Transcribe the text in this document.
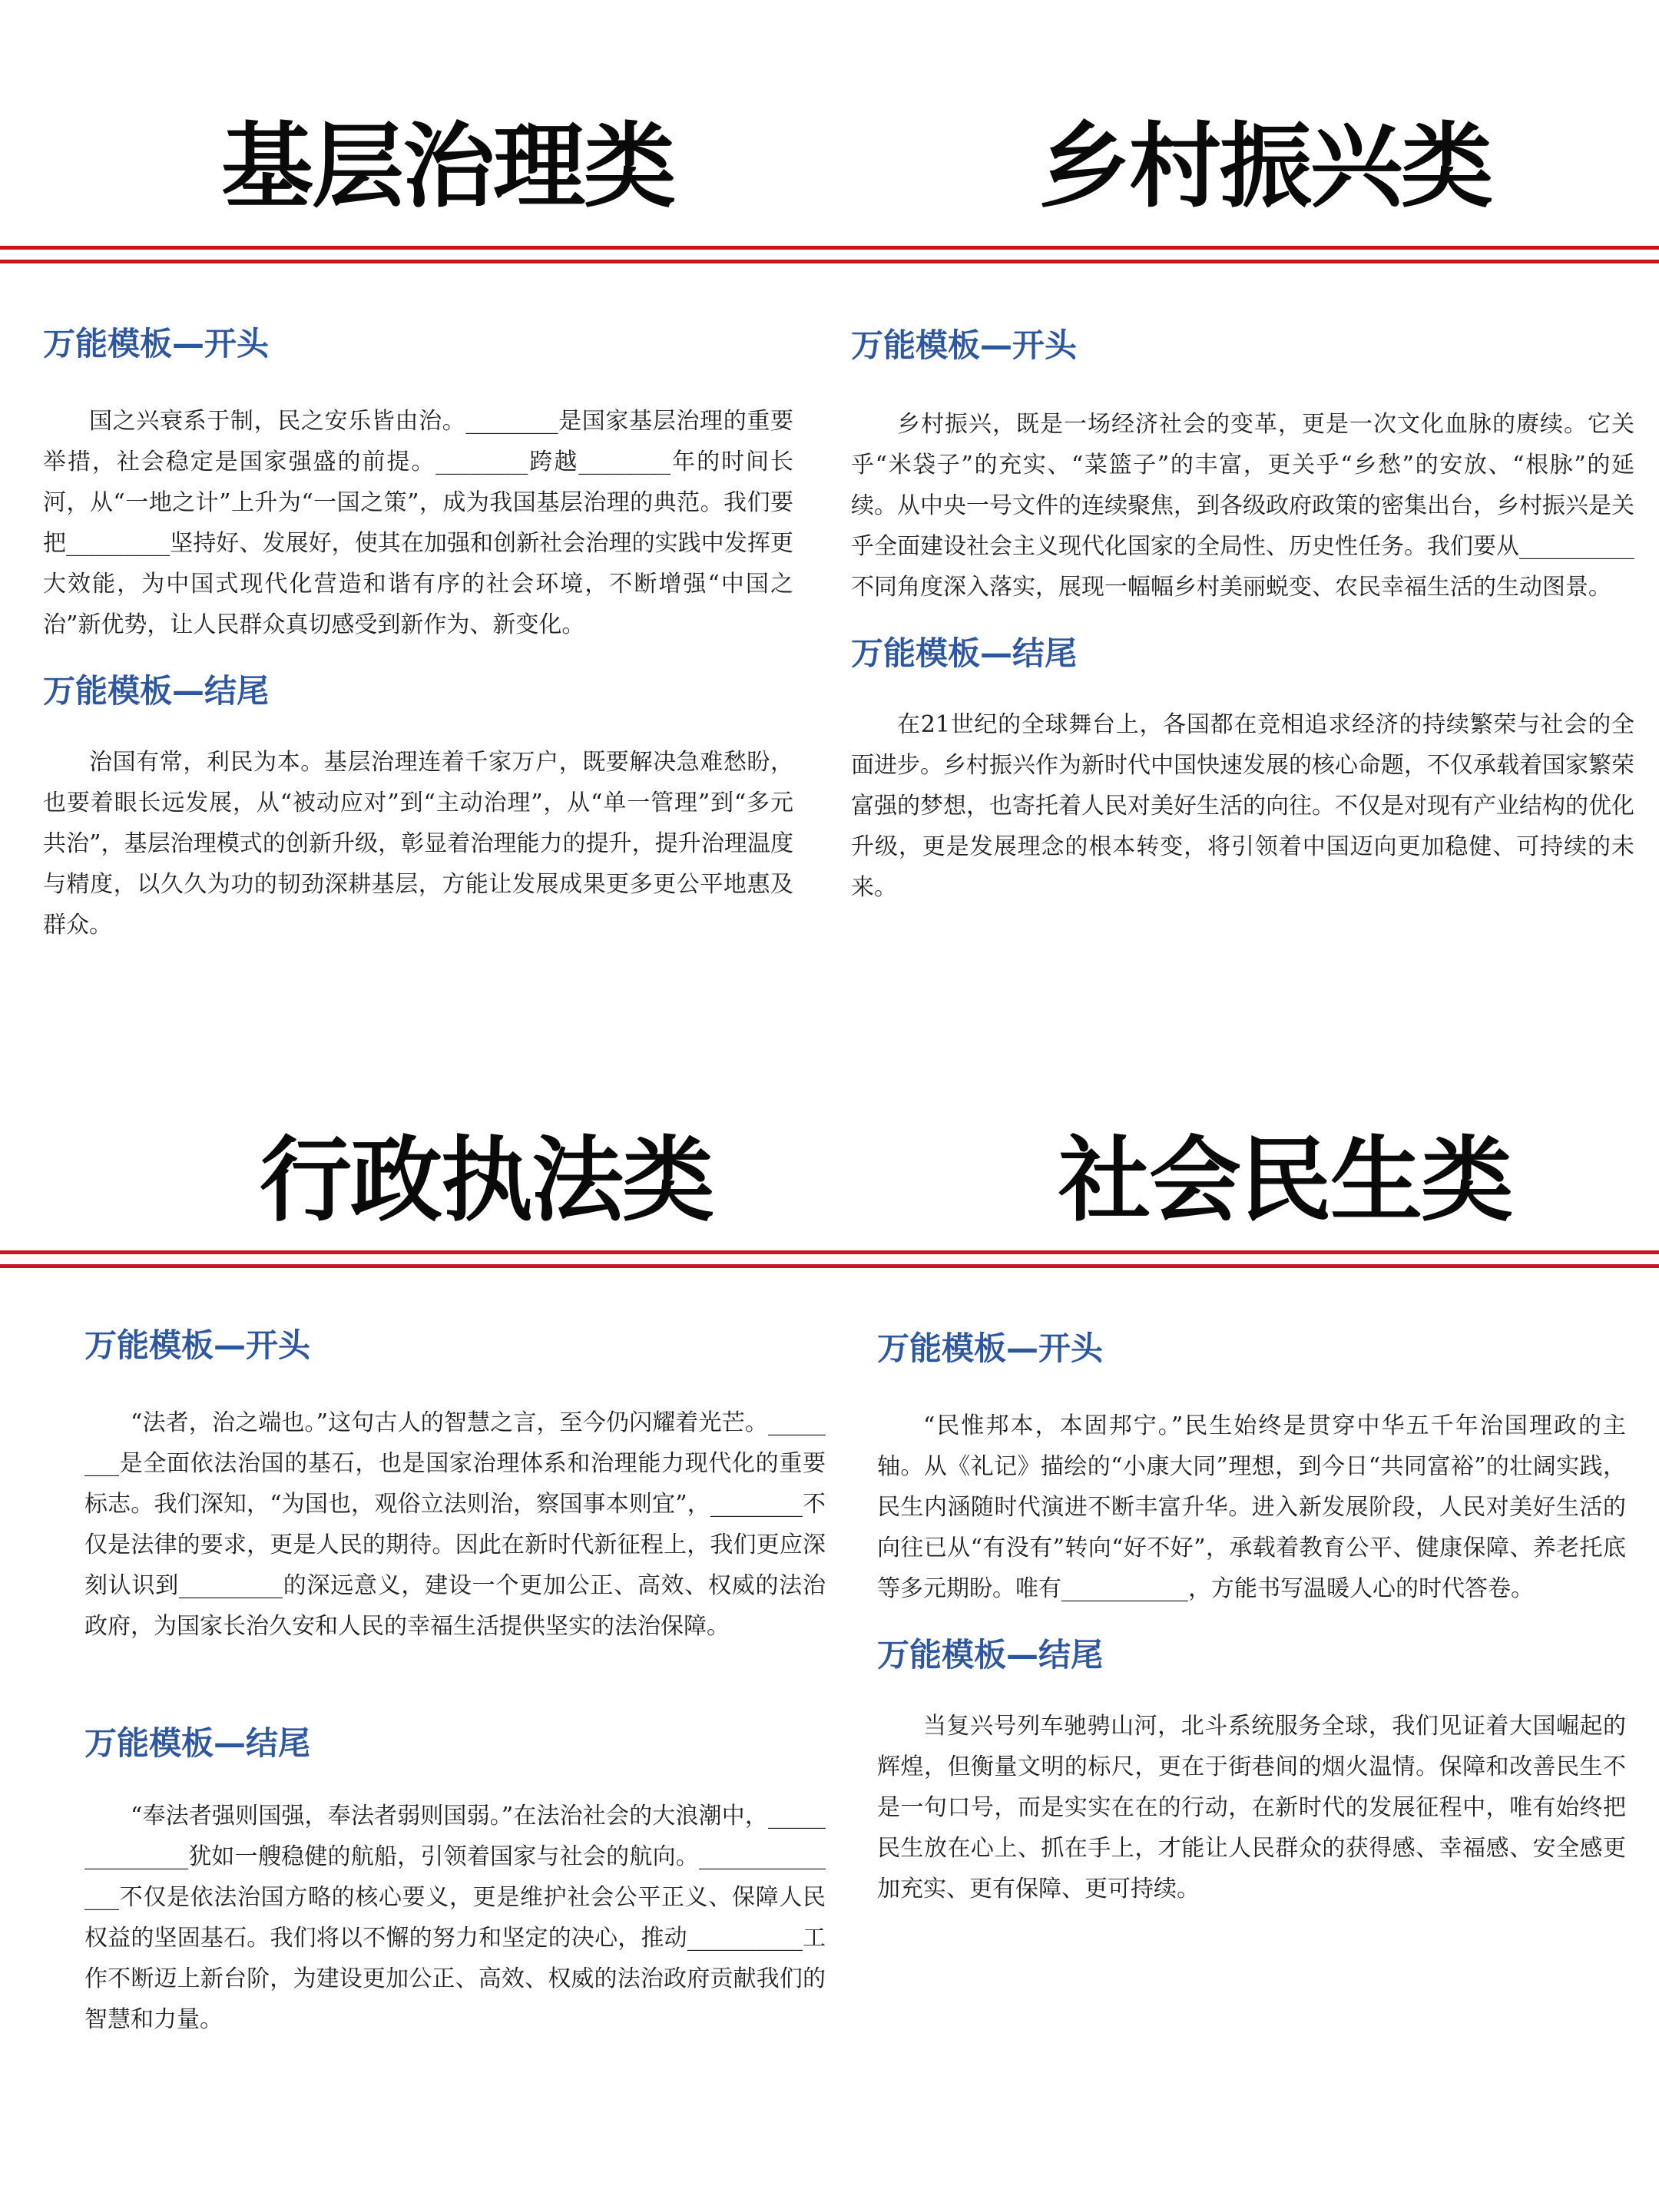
基层治理类	乡村振兴类
万能模板—开头

国之兴衰系于制，民之安乐皆由治。________是国家基层治理的重要举措，社会稳定是国家强盛的前提。________跨越________年的时间长河，从“一地之计”上升为“一国之策”，成为我国基层治理的典范。我们要把_________坚持好、发展好，使其在加强和创新社会治理的实践中发挥更大效能，为中国式现代化营造和谐有序的社会环境，不断增强“中国之治”新优势，让人民群众真切感受到新作为、新变化。

万能模板—结尾

治国有常，利民为本。基层治理连着千家万户，既要解决急难愁盼，也要着眼长远发展，从“被动应对”到“主动治理”，从“单一管理”到“多元共治”，基层治理模式的创新升级，彰显着治理能力的提升，提升治理温度与精度，以久久为功的韧劲深耕基层，方能让发展成果更多更公平地惠及群众。

万能模板—开头

乡村振兴，既是一场经济社会的变革，更是一次文化血脉的赓续。它关乎“米袋子”的充实、“菜篮子”的丰富，更关乎“乡愁”的安放、“根脉”的延续。从中央一号文件的连续聚焦，到各级政府政策的密集出台，乡村振兴是关乎全面建设社会主义现代化国家的全局性、历史性任务。我们要从__________不同角度深入落实，展现一幅幅乡村美丽蜕变、农民幸福生活的生动图景。

万能模板—结尾

在21世纪的全球舞台上，各国都在竞相追求经济的持续繁荣与社会的全面进步。乡村振兴作为新时代中国快速发展的核心命题，不仅承载着国家繁荣富强的梦想，也寄托着人民对美好生活的向往。不仅是对现有产业结构的优化升级，更是发展理念的根本转变，将引领着中国迈向更加稳健、可持续的未来。

行政执法类	社会民生类
万能模板—开头

“法者，治之端也。”这句古人的智慧之言，至今仍闪耀着光芒。________是全面依法治国的基石，也是国家治理体系和治理能力现代化的重要标志。我们深知，“为国也，观俗立法则治，察国事本则宜”，________不仅是法律的要求，更是人民的期待。因此在新时代新征程上，我们更应深刻认识到_________的深远意义，建设一个更加公正、高效、权威的法治政府，为国家长治久安和人民的幸福生活提供坚实的法治保障。

万能模板—结尾

“奉法者强则国强，奉法者弱则国弱。”在法治社会的大浪潮中，______________犹如一艘稳健的航船，引领着国家与社会的航向。______________不仅是依法治国方略的核心要义，更是维护社会公平正义、保障人民权益的坚固基石。我们将以不懈的努力和坚定的决心，推动__________工作不断迈上新台阶，为建设更加公正、高效、权威的法治政府贡献我们的智慧和力量。

万能模板—开头

“民惟邦本，本固邦宁。”民生始终是贯穿中华五千年治国理政的主轴。从《礼记》描绘的“小康大同”理想，到今日“共同富裕”的壮阔实践，民生内涵随时代演进不断丰富升华。进入新发展阶段，人民对美好生活的向往已从“有没有”转向“好不好”，承载着教育公平、健康保障、养老托底等多元期盼。唯有___________，方能书写温暖人心的时代答卷。

万能模板—结尾

当复兴号列车驰骋山河，北斗系统服务全球，我们见证着大国崛起的辉煌，但衡量文明的标尺，更在于街巷间的烟火温情。保障和改善民生不是一句口号，而是实实在在的行动，在新时代的发展征程中，唯有始终把民生放在心上、抓在手上，才能让人民群众的获得感、幸福感、安全感更加充实、更有保障、更可持续。
